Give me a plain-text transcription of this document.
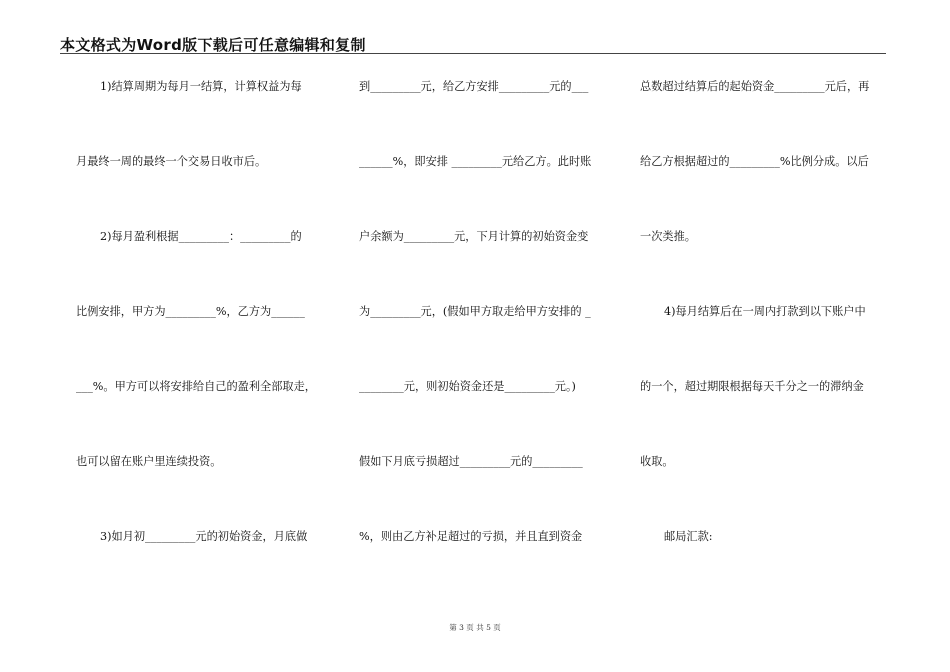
本文格式为Word版下载后可任意编辑和复制
1)结算周期为每月一结算，计算权益为每
月最终一周的最终一个交易日收市后。
2)每月盈利根据_________：_________的
比例安排，甲方为_________%，乙方为______
___%。甲方可以将安排给自己的盈利全部取走，
也可以留在账户里连续投资。
3)如月初_________元的初始资金，月底做
到_________元，给乙方安排_________元的___
______%，即安排 _________元给乙方。此时账
户余额为_________元，下月计算的初始资金变
为_________元，(假如甲方取走给甲方安排的 _
________元，则初始资金还是_________元。)
假如下月底亏损超过_________元的_________
%，则由乙方补足超过的亏损，并且直到资金
总数超过结算后的起始资金_________元后，再
给乙方根据超过的_________%比例分成。以后
一次类推。
4)每月结算后在一周内打款到以下账户中
的一个，超过期限根据每天千分之一的滞纳金
收取。
邮局汇款:
第 3 页 共 5 页
